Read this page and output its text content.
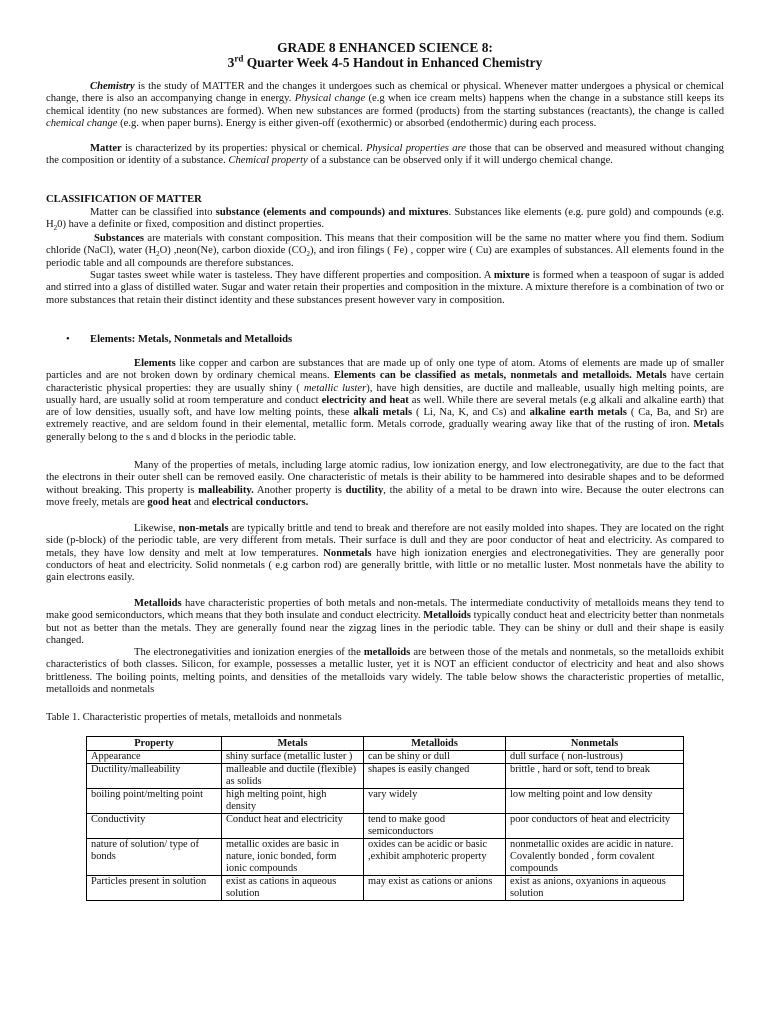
GRADE 8 ENHANCED SCIENCE 8:
3rd Quarter Week 4-5 Handout in Enhanced Chemistry
Chemistry is the study of MATTER and the changes it undergoes such as chemical or physical. Whenever matter undergoes a physical or chemical change, there is also an accompanying change in energy. Physical change (e.g when ice cream melts) happens when the change in a substance still keeps its chemical identity (no new substances are formed). When new substances are formed (products) from the starting substances (reactants), the change is called chemical change (e.g. when paper burns). Energy is either given-off (exothermic) or absorbed (endothermic) during each process.
Matter is characterized by its properties: physical or chemical. Physical properties are those that can be observed and measured without changing the composition or identity of a substance. Chemical property of a substance can be observed only if it will undergo chemical change.
CLASSIFICATION OF MATTER
Matter can be classified into substance (elements and compounds) and mixtures. Substances like elements (e.g. pure gold) and compounds (e.g. $H_20$) have a definite or fixed, composition and distinct properties.
Substances are materials with constant composition. This means that their composition will be the same no matter where you find them. Sodium chloride (NaCl), water $(H_2O)$ ,neon(Ne), carbon dioxide $(CO_2)$, and iron filings ( Fe) , copper wire ( Cu) are examples of substances. All elements found in the periodic table and all compounds are therefore substances.
Sugar tastes sweet while water is tasteless. They have different properties and composition. A mixture is formed when a teaspoon of sugar is added and stirred into a glass of distilled water. Sugar and water retain their properties and composition in the mixture. A mixture therefore is a combination of two or more substances that retain their distinct identity and these substances present however vary in composition.
• Elements: Metals, Nonmetals and Metalloids
Elements like copper and carbon are substances that are made up of only one type of atom. Atoms of elements are made up of smaller particles and are not broken down by ordinary chemical means. Elements can be classified as metals, nonmetals and metalloids. Metals have certain characteristic physical properties: they are usually shiny ( metallic luster), have high densities, are ductile and malleable, usually high melting points, are usually hard, are usually solid at room temperature and conduct electricity and heat as well. While there are several metals (e.g alkali and alkaline earth) that are of low densities, usually soft, and have low melting points, these alkali metals ( Li, Na, K, and Cs) and alkaline earth metals ( Ca, Ba, and Sr) are extremely reactive, and are seldom found in their elemental, metallic form. Metals corrode, gradually wearing away like that of the rusting of iron. Metals generally belong to the s and d blocks in the periodic table.
Many of the properties of metals, including large atomic radius, low ionization energy, and low electronegativity, are due to the fact that the electrons in their outer shell can be removed easily. One characteristic of metals is their ability to be hammered into desirable shapes and to be deformed without breaking. This property is malleability. Another property is ductility, the ability of a metal to be drawn into wire. Because the outer electrons can move freely, metals are good heat and electrical conductors.
Likewise, non-metals are typically brittle and tend to break and therefore are not easily molded into shapes. They are located on the right side (p-block) of the periodic table, are very different from metals. Their surface is dull and they are poor conductor of heat and electricity. As compared to metals, they have low density and melt at low temperatures. Nonmetals have high ionization energies and electronegativities. They are generally poor conductors of heat and electricity. Solid nonmetals ( e.g carbon rod) are generally brittle, with little or no metallic luster. Most nonmetals have the ability to gain electrons easily.
Metalloids have characteristic properties of both metals and non-metals. The intermediate conductivity of metalloids means they tend to make good semiconductors, which means that they both insulate and conduct electricity. Metalloids typically conduct heat and electricity better than nonmetals but not as better than the metals. They are generally found near the zigzag lines in the periodic table. They can be shiny or dull and their shape is easily changed.
The electronegativities and ionization energies of the metalloids are between those of the metals and nonmetals, so the metalloids exhibit characteristics of both classes. Silicon, for example, possesses a metallic luster, yet it is NOT an efficient conductor of electricity and heat and also shows brittleness. The boiling points, melting points, and densities of the metalloids vary widely. The table below shows the characteristic properties of metallic, metalloids and nonmetals
Table 1. Characteristic properties of metals, metalloids and nonmetals
Property	Metals	Metalloids	Nonmetals
Appearance	shiny surface (metallic luster )	can be shiny or dull	dull surface ( non-lustrous)
Ductility/malleability	malleable and ductile (flexible) as solids	shapes is easily changed	brittle , hard or soft, tend to break
boiling point/melting point	high melting point, high density	vary widely	low melting point and low density
Conductivity	Conduct heat and electricity	tend to make good semiconductors	poor conductors of heat and electricity
nature of solution/ type of bonds	metallic oxides are basic in nature, ionic bonded, form ionic compounds	oxides can be acidic or basic ,exhibit amphoteric property	nonmetallic oxides are acidic in nature. Covalently bonded , form covalent compounds
Particles present in solution	exist as cations in aqueous solution	may exist as cations or anions	exist as anions, oxyanions in aqueous solution
